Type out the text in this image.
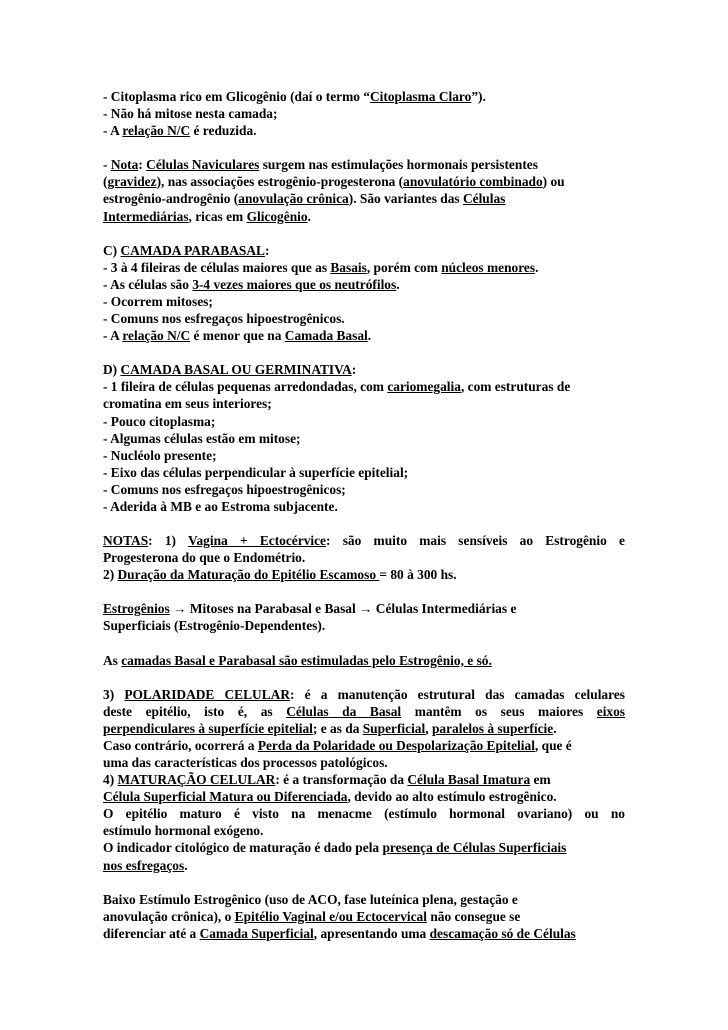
- Citoplasma rico em Glicogênio (daí o termo “Citoplasma Claro”).
- Não há mitose nesta camada;
- A relação N/C é reduzida.
- Nota: Células Naviculares surgem nas estimulações hormonais persistentes
(gravidez), nas associações estrogênio-progesterona (anovulatório combinado) ou
estrogênio-androgênio (anovulação crônica). São variantes das Células
Intermediárias, ricas em Glicogênio.
C) CAMADA PARABASAL:
- 3 à 4 fileiras de células maiores que as Basais, porém com núcleos menores.
- As células são 3-4 vezes maiores que os neutrófilos.
- Ocorrem mitoses;
- Comuns nos esfregaços hipoestrogênicos.
- A relação N/C é menor que na Camada Basal.
D) CAMADA BASAL OU GERMINATIVA:
- 1 fileira de células pequenas arredondadas, com cariomegalia, com estruturas de
cromatina em seus interiores;
- Pouco citoplasma;
- Algumas células estão em mitose;
- Nucléolo presente;
- Eixo das células perpendicular à superfície epitelial;
- Comuns nos esfregaços hipoestrogênicos;
- Aderida à MB e ao Estroma subjacente.
NOTAS: 1) Vagina + Ectocérvice: são muito mais sensíveis ao Estrogênio e
Progesterona do que o Endométrio.
2) Duração da Maturação do Epitélio Escamoso = 80 à 300 hs.
Estrogênios → Mitoses na Parabasal e Basal → Células Intermediárias e
Superficiais (Estrogênio-Dependentes).
As camadas Basal e Parabasal são estimuladas pelo Estrogênio, e só.
3) POLARIDADE CELULAR: é a manutenção estrutural das camadas celulares
deste epitélio, isto é, as Células da Basal mantêm os seus maiores eixos
perpendiculares à superfície epitelial; e as da Superficial, paralelos à superfície.
Caso contrário, ocorrerá a Perda da Polaridade ou Despolarização Epitelial, que é
uma das características dos processos patológicos.
4) MATURAÇÃO CELULAR: é a transformação da Célula Basal Imatura em
Célula Superficial Matura ou Diferenciada, devido ao alto estímulo estrogênico.
O epitélio maturo é visto na menacme (estímulo hormonal ovariano) ou no
estímulo hormonal exógeno.
O indicador citológico de maturação é dado pela presença de Células Superficiais
nos esfregaços.
Baixo Estímulo Estrogênico (uso de ACO, fase luteínica plena, gestação e
anovulação crônica), o Epitélio Vaginal e/ou Ectocervical não consegue se
diferenciar até a Camada Superficial, apresentando uma descamação só de Células
